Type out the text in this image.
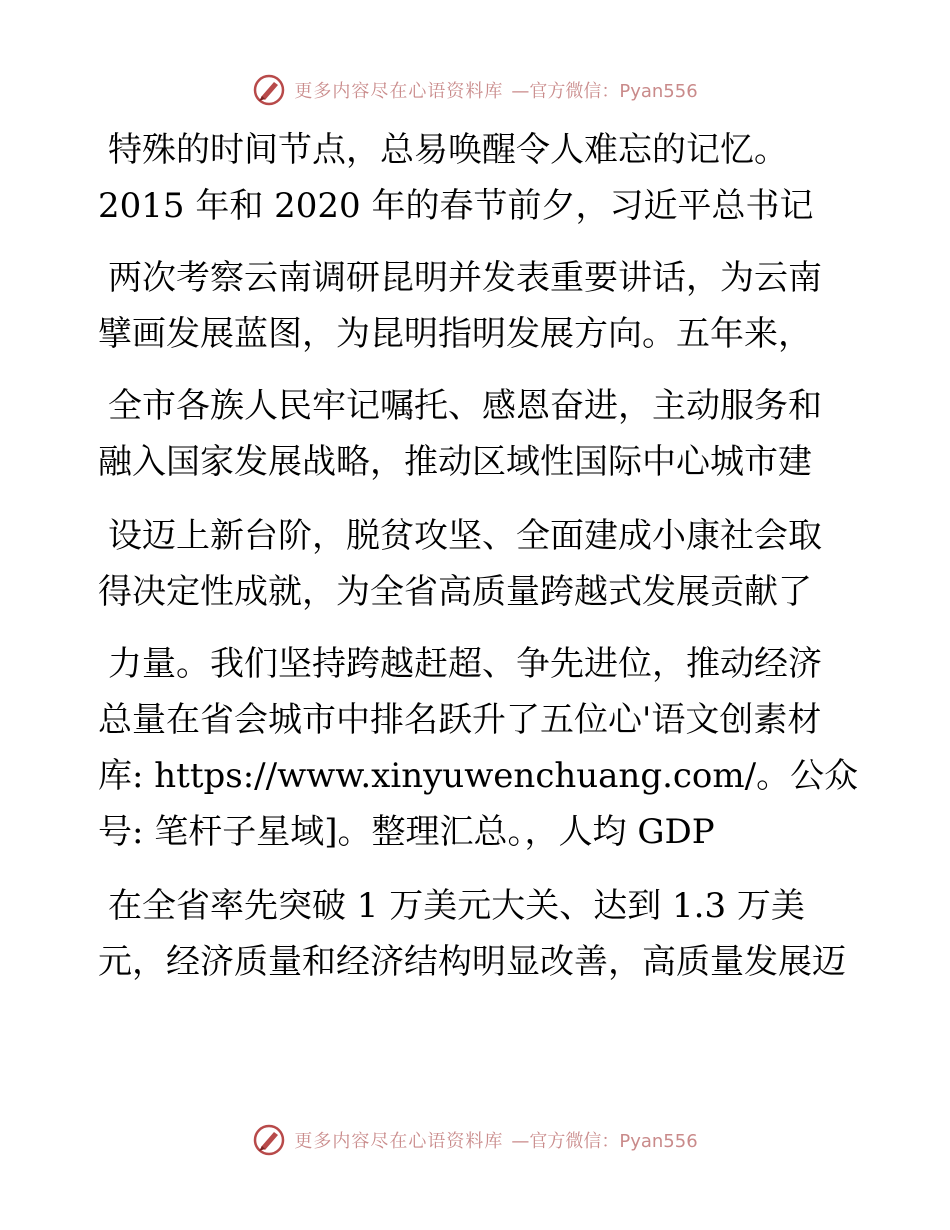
更多内容尽在心语资料库 —官方微信：Pyan556
特殊的时间节点，总易唤醒令人难忘的记忆。
2015 年和 2020 年的春节前夕，习近平总书记
两次考察云南调研昆明并发表重要讲话，为云南
擘画发展蓝图，为昆明指明发展方向。五年来，
全市各族人民牢记嘱托、感恩奋进，主动服务和
融入国家发展战略，推动区域性国际中心城市建
设迈上新台阶，脱贫攻坚、全面建成小康社会取
得决定性成就，为全省高质量跨越式发展贡献了
力量。我们坚持跨越赶超、争先进位，推动经济
总量在省会城市中排名跃升了五位心'语文创素材
库: https://www.xinyuwenchuang.com/。公众
号: 笔杆子星域]。整理汇总。，人均 GDP
在全省率先突破 1 万美元大关、达到 1.3 万美
元，经济质量和经济结构明显改善，高质量发展迈
更多内容尽在心语资料库 —官方微信：Pyan556
